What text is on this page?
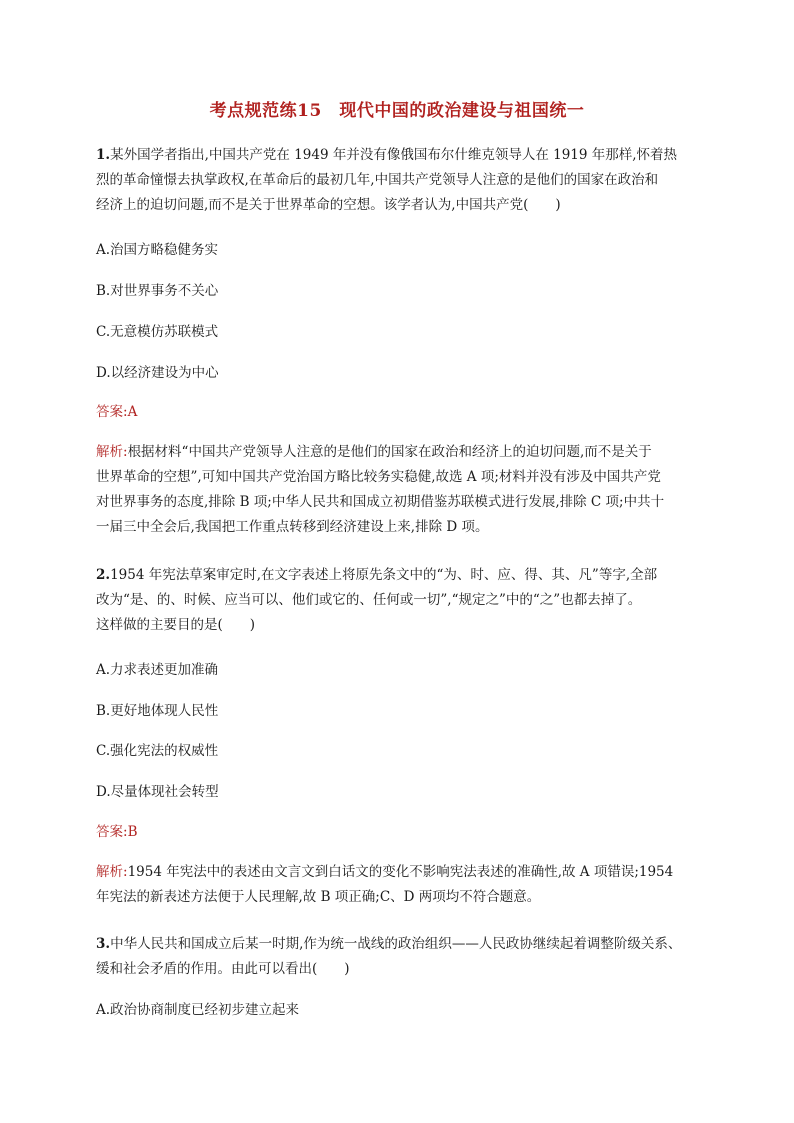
考点规范练15　现代中国的政治建设与祖国统一
1.某外国学者指出,中国共产党在 1949 年并没有像俄国布尔什维克领导人在 1919 年那样,怀着热
烈的革命憧憬去执掌政权,在革命后的最初几年,中国共产党领导人注意的是他们的国家在政治和
经济上的迫切问题,而不是关于世界革命的空想。该学者认为,中国共产党(　　)
A.治国方略稳健务实
B.对世界事务不关心
C.无意模仿苏联模式
D.以经济建设为中心
答案:A
解析:根据材料“中国共产党领导人注意的是他们的国家在政治和经济上的迫切问题,而不是关于
世界革命的空想”,可知中国共产党治国方略比较务实稳健,故选 A 项;材料并没有涉及中国共产党
对世界事务的态度,排除 B 项;中华人民共和国成立初期借鉴苏联模式进行发展,排除 C 项;中共十
一届三中全会后,我国把工作重点转移到经济建设上来,排除 D 项。
2.1954 年宪法草案审定时,在文字表述上将原先条文中的“为、时、应、得、其、凡”等字,全部
改为“是、的、时候、应当可以、他们或它的、任何或一切”,“规定之”中的“之”也都去掉了。
这样做的主要目的是(　　)
A.力求表述更加准确
B.更好地体现人民性
C.强化宪法的权威性
D.尽量体现社会转型
答案:B
解析:1954 年宪法中的表述由文言文到白话文的变化不影响宪法表述的准确性,故 A 项错误;1954
年宪法的新表述方法便于人民理解,故 B 项正确;C、D 两项均不符合题意。
3.中华人民共和国成立后某一时期,作为统一战线的政治组织——人民政协继续起着调整阶级关系、
缓和社会矛盾的作用。由此可以看出(　　)
A.政治协商制度已经初步建立起来
